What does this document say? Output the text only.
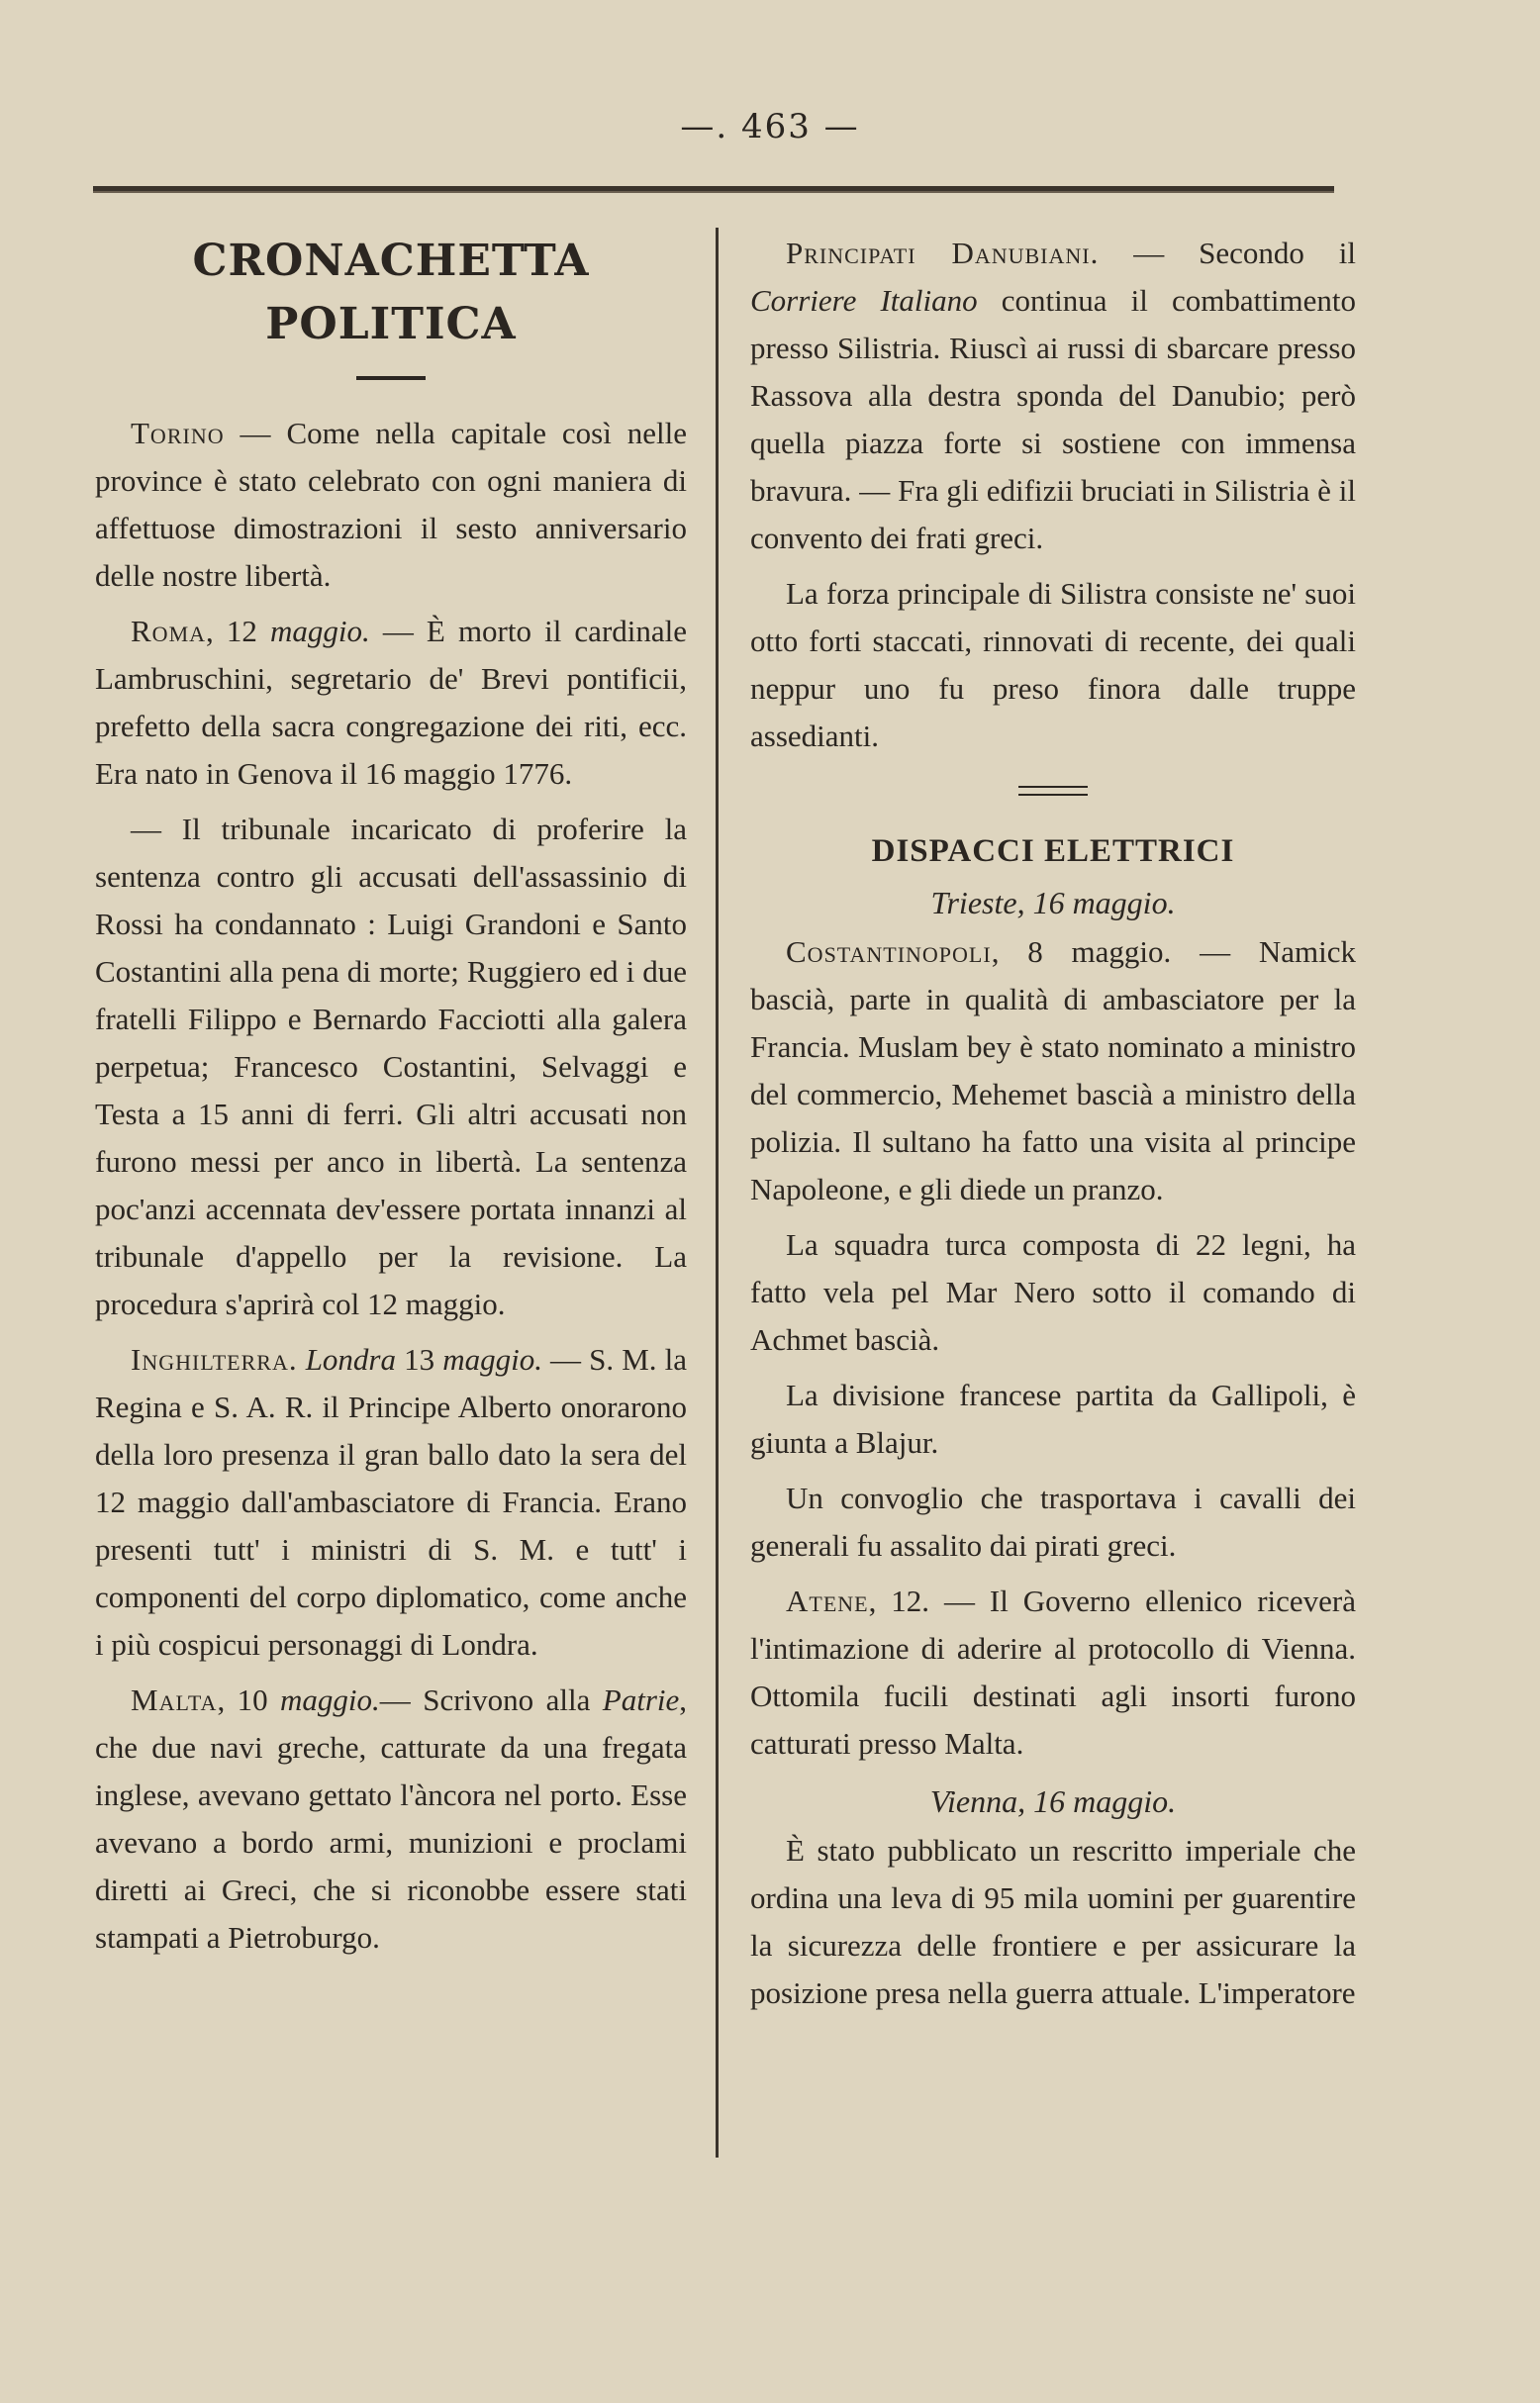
—. 463 —
CRONACHETTA POLITICA

Torino — Come nella capitale così nelle province è stato celebrato con ogni maniera di affettuose dimostrazioni il sesto anniversario delle nostre libertà.

Roma, 12 maggio. — È morto il cardinale Lambruschini, segretario de' Brevi pontificii, prefetto della sacra congregazione dei riti, ecc. Era nato in Genova il 16 maggio 1776.

— Il tribunale incaricato di proferire la sentenza contro gli accusati dell'assassinio di Rossi ha condannato : Luigi Grandoni e Santo Costantini alla pena di morte; Ruggiero ed i due fratelli Filippo e Bernardo Facciotti alla galera perpetua; Francesco Costantini, Selvaggi e Testa a 15 anni di ferri. Gli altri accusati non furono messi per anco in libertà. La sentenza poc'anzi accennata dev'essere portata innanzi al tribunale d'appello per la revisione. La procedura s'aprirà col 12 maggio.

Inghilterra. Londra 13 maggio. — S. M. la Regina e S. A. R. il Principe Alberto onorarono della loro presenza il gran ballo dato la sera del 12 maggio dall'ambasciatore di Francia. Erano presenti tutt' i ministri di S. M. e tutt' i componenti del corpo diplomatico, come anche i più cospicui personaggi di Londra.

Malta, 10 maggio.— Scrivono alla Patrie, che due navi greche, catturate da una fregata inglese, avevano gettato l'àncora nel porto. Esse avevano a bordo armi, munizioni e proclami diretti ai Greci, che si riconobbe essere stati stampati a Pietroburgo.

Principati Danubiani. — Secondo il Corriere Italiano continua il combattimento presso Silistria. Riuscì ai russi di sbarcare presso Rassova alla destra sponda del Danubio; però quella piazza forte si sostiene con immensa bravura. — Fra gli edifizii bruciati in Silistria è il convento dei frati greci.

La forza principale di Silistra consiste ne' suoi otto forti staccati, rinnovati di recente, dei quali neppur uno fu preso finora dalle truppe assedianti.

DISPACCI ELETTRICI
Trieste, 16 maggio.

Costantinopoli, 8 maggio. — Namick bascià, parte in qualità di ambasciatore per la Francia. Muslam bey è stato nominato a ministro del commercio, Mehemet bascià a ministro della polizia. Il sultano ha fatto una visita al principe Napoleone, e gli diede un pranzo.

La squadra turca composta di 22 legni, ha fatto vela pel Mar Nero sotto il comando di Achmet bascià.

La divisione francese partita da Gallipoli, è giunta a Blajur.

Un convoglio che trasportava i cavalli dei generali fu assalito dai pirati greci.

Atene, 12. — Il Governo ellenico riceverà l'intimazione di aderire al protocollo di Vienna. Ottomila fucili destinati agli insorti furono catturati presso Malta.

Vienna, 16 maggio.

È stato pubblicato un rescritto imperiale che ordina una leva di 95 mila uomini per guarentire la sicurezza delle frontiere e per assicurare la posizione presa nella guerra attuale. L'imperatore
